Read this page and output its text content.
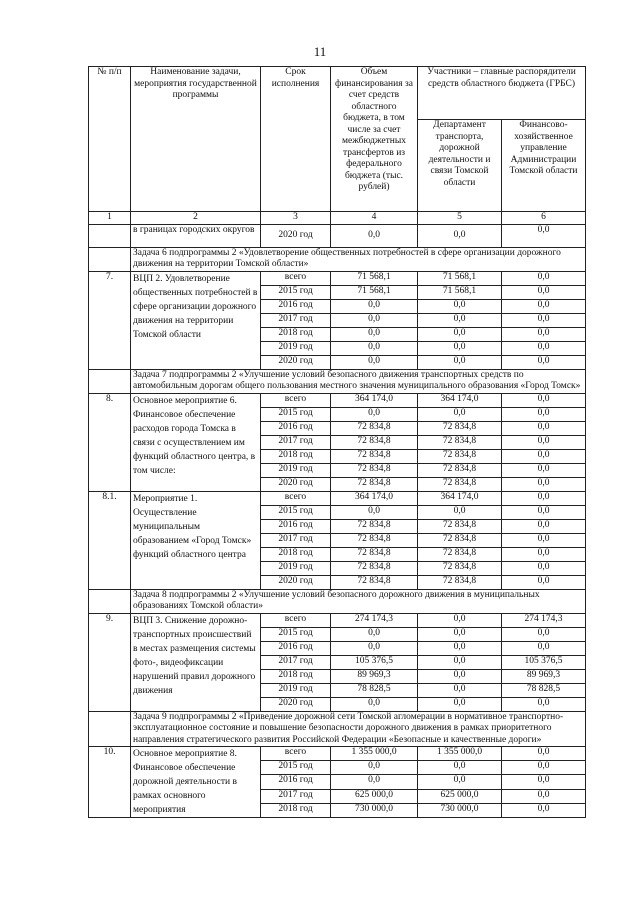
11
№ п/п	Наименование задачи, мероприятия государственной программы	Срок исполнения	Объем финансирования за счет средств областного бюджета, в том числе за счет межбюджетных трансфертов из федерального бюджета (тыс. рублей)	Участники – главные распорядители средств областного бюджета (ГРБС)	
				Департамент транспорта, дорожной деятельности и связи Томской области	Финансово-хозяйственное управление Администрации Томской области
1	2	3	4	5	6
	в границах городских округов	2020 год	0,0	0,0	0,0
	Задача 6 подпрограммы 2 «Удовлетворение общественных потребностей в сфере организации дорожного движения на территории Томской области»				
7.	ВЦП 2. Удовлетворение общественных потребностей в сфере организации дорожного движения на территории Томской области	всего	71 568,1	71 568,1	0,0
		2015 год	71 568,1	71 568,1	0,0
		2016 год	0,0	0,0	0,0
		2017 год	0,0	0,0	0,0
		2018 год	0,0	0,0	0,0
		2019 год	0,0	0,0	0,0
		2020 год	0,0	0,0	0,0
	Задача 7 подпрограммы 2 «Улучшение условий безопасного движения транспортных средств по автомобильным дорогам общего пользования местного значения муниципального образования «Город Томск»				
8.	Основное мероприятие 6. Финансовое обеспечение расходов города Томска в связи с осуществлением им функций областного центра, в том числе:	всего	364 174,0	364 174,0	0,0
		2015 год	0,0	0,0	0,0
		2016 год	72 834,8	72 834,8	0,0
		2017 год	72 834,8	72 834,8	0,0
		2018 год	72 834,8	72 834,8	0,0
		2019 год	72 834,8	72 834,8	0,0
		2020 год	72 834,8	72 834,8	0,0
8.1.	Мероприятие 1. Осуществление муниципальным образованием «Город Томск» функций областного центра	всего	364 174,0	364 174,0	0,0
		2015 год	0,0	0,0	0,0
		2016 год	72 834,8	72 834,8	0,0
		2017 год	72 834,8	72 834,8	0,0
		2018 год	72 834,8	72 834,8	0,0
		2019 год	72 834,8	72 834,8	0,0
		2020 год	72 834,8	72 834,8	0,0
	Задача 8 подпрограммы 2 «Улучшение условий безопасного дорожного движения в муниципальных образованиях Томской области»				
9.	ВЦП 3. Снижение дорожно-транспортных происшествий в местах размещения системы фото-, видеофиксации нарушений правил дорожного движения	всего	274 174,3	0,0	274 174,3
		2015 год	0,0	0,0	0,0
		2016 год	0,0	0,0	0,0
		2017 год	105 376,5	0,0	105 376,5
		2018 год	89 969,3	0,0	89 969,3
		2019 год	78 828,5	0,0	78 828,5
		2020 год	0,0	0,0	0,0
	Задача 9 подпрограммы 2 «Приведение дорожной сети Томской агломерации в нормативное транспортно-эксплуатационное состояние и повышение безопасности дорожного движения в рамках приоритетного направления стратегического развития Российской Федерации «Безопасные и качественные дороги»				
10.	Основное мероприятие 8. Финансовое обеспечение дорожной деятельности в рамках основного мероприятия	всего	1 355 000,0	1 355 000,0	0,0
		2015 год	0,0	0,0	0,0
		2016 год	0,0	0,0	0,0
		2017 год	625 000,0	625 000,0	0,0
		2018 год	730 000,0	730 000,0	0,0
